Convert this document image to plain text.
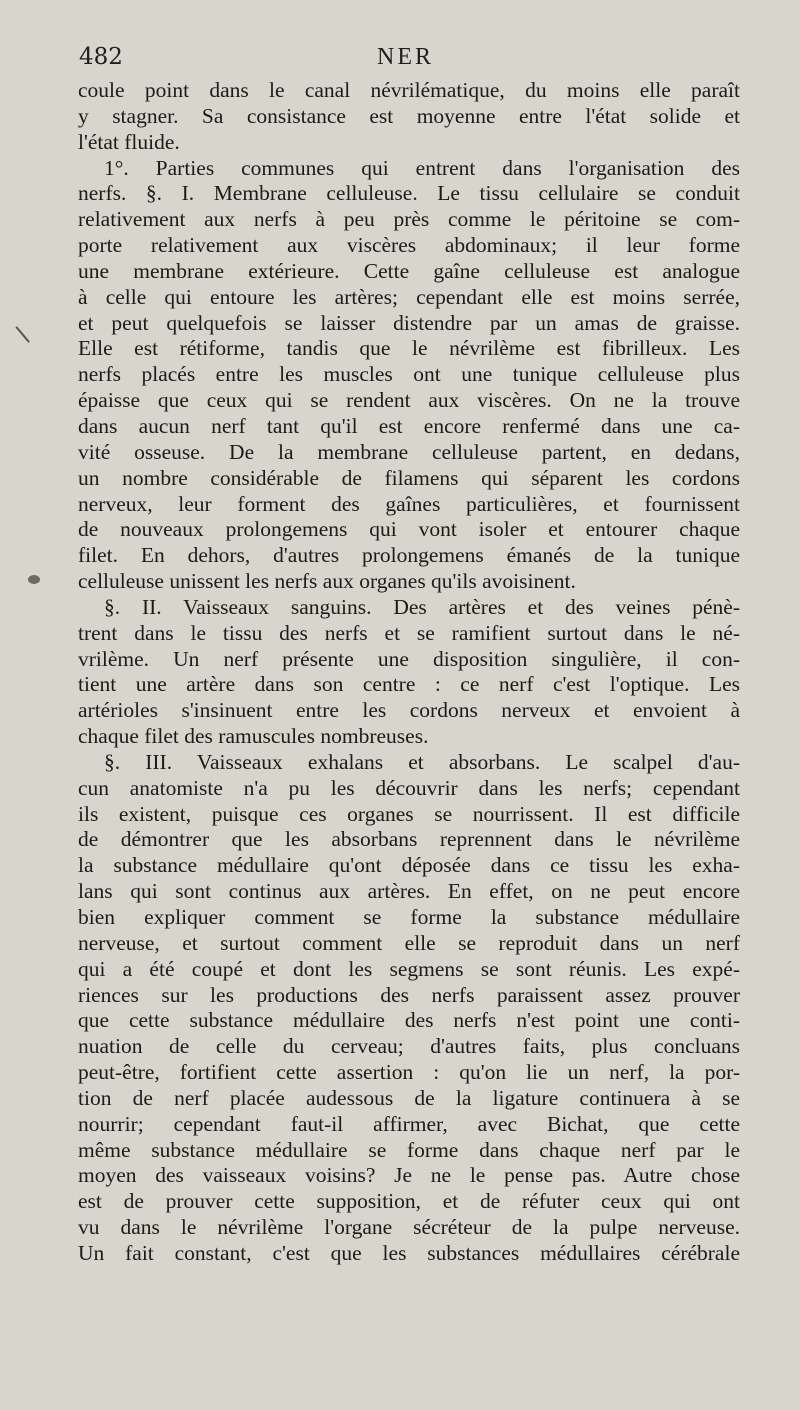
482	NER
coule point dans le canal névrilématique, du moins elle paraît
y stagner. Sa consistance est moyenne entre l'état solide et
l'état fluide.
1°. Parties communes qui entrent dans l'organisation des
nerfs. §. I. Membrane celluleuse. Le tissu cellulaire se conduit
relativement aux nerfs à peu près comme le péritoine se com-
porte relativement aux viscères abdominaux; il leur forme
une membrane extérieure. Cette gaîne celluleuse est analogue
à celle qui entoure les artères; cependant elle est moins serrée,
et peut quelquefois se laisser distendre par un amas de graisse.
Elle est rétiforme, tandis que le névrilème est fibrilleux. Les
nerfs placés entre les muscles ont une tunique celluleuse plus
épaisse que ceux qui se rendent aux viscères. On ne la trouve
dans aucun nerf tant qu'il est encore renfermé dans une ca-
vité osseuse. De la membrane celluleuse partent, en dedans,
un nombre considérable de filamens qui séparent les cordons
nerveux, leur forment des gaînes particulières, et fournissent
de nouveaux prolongemens qui vont isoler et entourer chaque
filet. En dehors, d'autres prolongemens émanés de la tunique
celluleuse unissent les nerfs aux organes qu'ils avoisinent.
§. II. Vaisseaux sanguins. Des artères et des veines pénè-
trent dans le tissu des nerfs et se ramifient surtout dans le né-
vrilème. Un nerf présente une disposition singulière, il con-
tient une artère dans son centre : ce nerf c'est l'optique. Les
artérioles s'insinuent entre les cordons nerveux et envoient à
chaque filet des ramuscules nombreuses.
§. III. Vaisseaux exhalans et absorbans. Le scalpel d'au-
cun anatomiste n'a pu les découvrir dans les nerfs; cependant
ils existent, puisque ces organes se nourrissent. Il est difficile
de démontrer que les absorbans reprennent dans le névrilème
la substance médullaire qu'ont déposée dans ce tissu les exha-
lans qui sont continus aux artères. En effet, on ne peut encore
bien expliquer comment se forme la substance médullaire
nerveuse, et surtout comment elle se reproduit dans un nerf
qui a été coupé et dont les segmens se sont réunis. Les expé-
riences sur les productions des nerfs paraissent assez prouver
que cette substance médullaire des nerfs n'est point une conti-
nuation de celle du cerveau; d'autres faits, plus concluans
peut-être, fortifient cette assertion : qu'on lie un nerf, la por-
tion de nerf placée audessous de la ligature continuera à se
nourrir; cependant faut-il affirmer, avec Bichat, que cette
même substance médullaire se forme dans chaque nerf par le
moyen des vaisseaux voisins? Je ne le pense pas. Autre chose
est de prouver cette supposition, et de réfuter ceux qui ont
vu dans le névrilème l'organe sécréteur de la pulpe nerveuse.
Un fait constant, c'est que les substances médullaires cérébrale
